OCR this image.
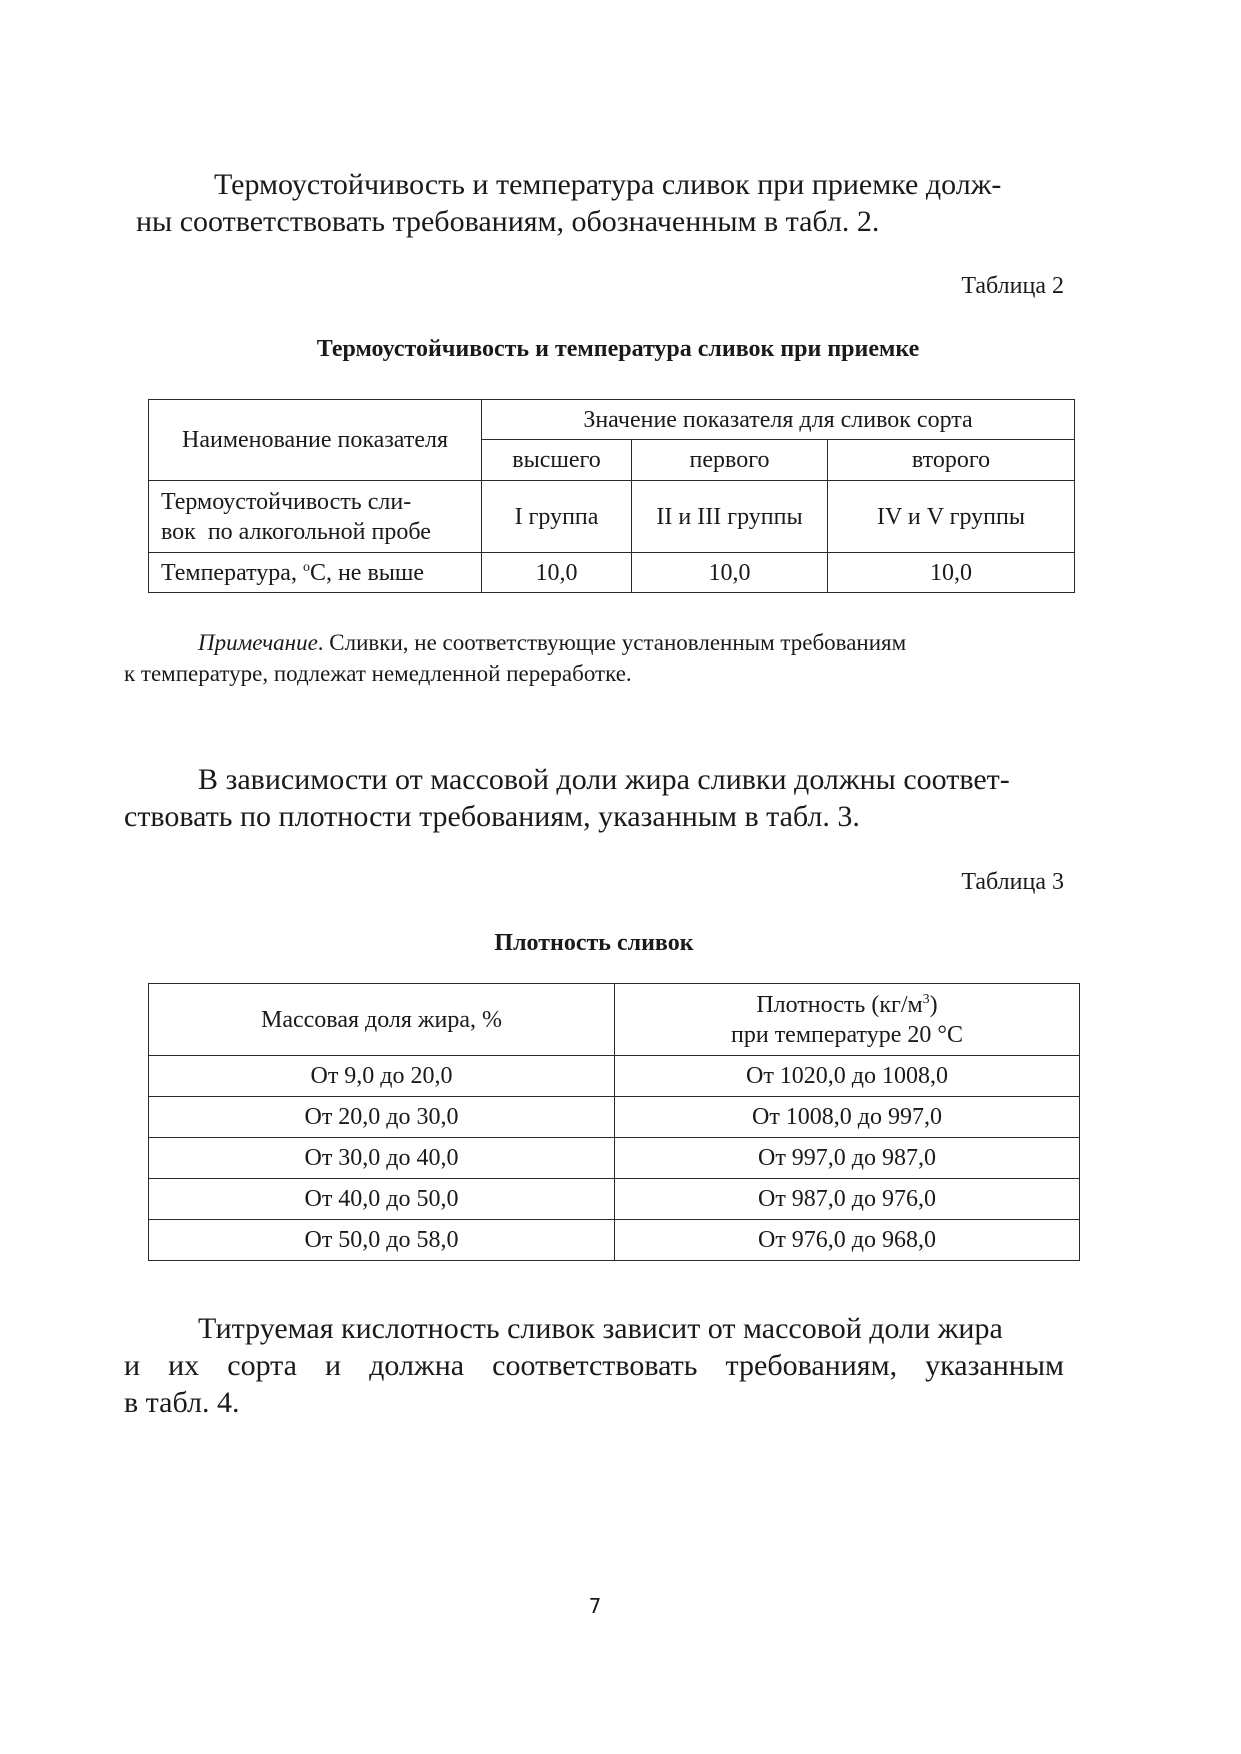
Термоустойчивость и температура сливок при приемке долж-
ны соответствовать требованиям, обозначенным в табл. 2.
Таблица 2
Термоустойчивость и температура сливок при приемке
Наименование показателя	Значение показателя для сливок сорта		
	высшего	первого	второго

Термоустойчивость сли-
вок  по алкогольной пробе	I группа	II и III группы	IV и V группы
Температура, $^о$С, не выше	10,0	10,0	10,0
Примечание. Сливки, не соответствующие установленным требованиям
к температуре, подлежат немедленной переработке.
В зависимости от массовой доли жира сливки должны соответ-
ствовать по плотности требованиям, указанным в табл. 3.
Таблица 3
Плотность сливок
Массовая доля жира, %	Плотность $(кг/м^3)$
при температуре 20 °С

От 9,0 до 20,0	От 1020,0 до 1008,0
От 20,0 до 30,0	От 1008,0 до 997,0
От 30,0 до 40,0	От 997,0 до 987,0
От 40,0 до 50,0	От 987,0 до 976,0
От 50,0 до 58,0	От 976,0 до 968,0
Титруемая кислотность сливок зависит от массовой доли жира
и их сорта и должна соответствовать требованиям, указанным
в табл. 4.
7
